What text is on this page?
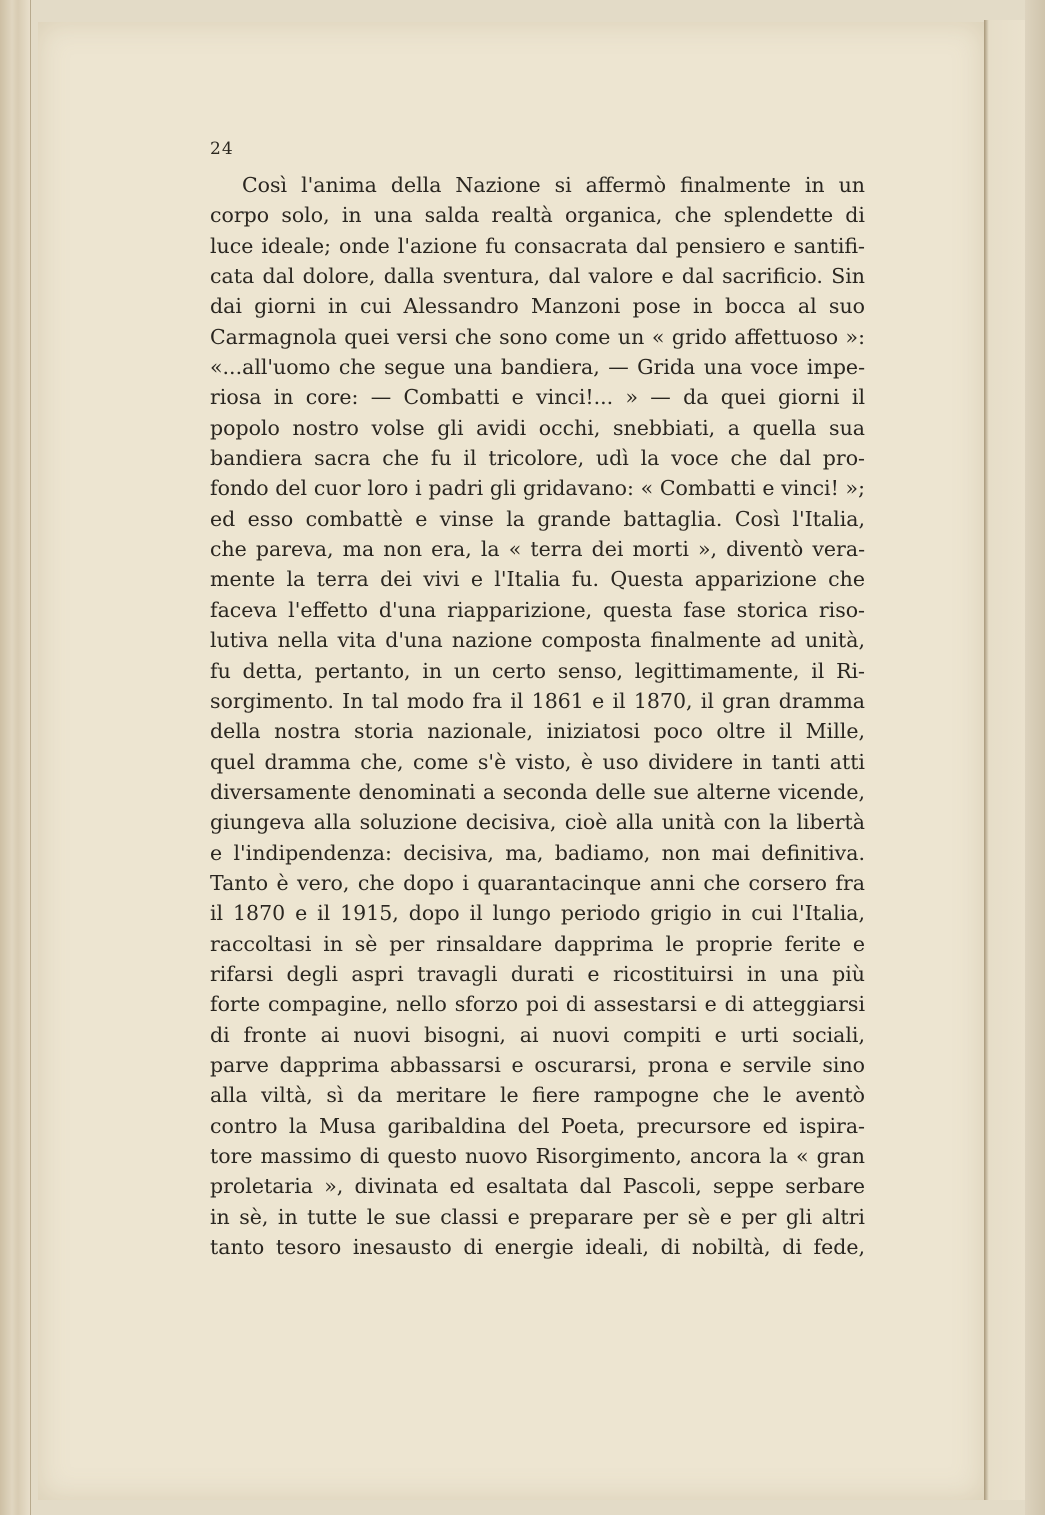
24
Così l'anima della Nazione si affermò finalmente in un
corpo solo, in una salda realtà organica, che splendette di
luce ideale; onde l'azione fu consacrata dal pensiero e santifi-
cata dal dolore, dalla sventura, dal valore e dal sacrificio. Sin
dai giorni in cui Alessandro Manzoni pose in bocca al suo
Carmagnola quei versi che sono come un « grido affettuoso »:
«...all'uomo che segue una bandiera, — Grida una voce impe-
riosa in core: — Combatti e vinci!... » — da quei giorni il
popolo nostro volse gli avidi occhi, snebbiati, a quella sua
bandiera sacra che fu il tricolore, udì la voce che dal pro-
fondo del cuor loro i padri gli gridavano: « Combatti e vinci! »;
ed esso combattè e vinse la grande battaglia. Così l'Italia,
che pareva, ma non era, la « terra dei morti », diventò vera-
mente la terra dei vivi e l'Italia fu. Questa apparizione che
faceva l'effetto d'una riapparizione, questa fase storica riso-
lutiva nella vita d'una nazione composta finalmente ad unità,
fu detta, pertanto, in un certo senso, legittimamente, il Ri-
sorgimento. In tal modo fra il 1861 e il 1870, il gran dramma
della nostra storia nazionale, iniziatosi poco oltre il Mille,
quel dramma che, come s'è visto, è uso dividere in tanti atti
diversamente denominati a seconda delle sue alterne vicende,
giungeva alla soluzione decisiva, cioè alla unità con la libertà
e l'indipendenza: decisiva, ma, badiamo, non mai definitiva.
Tanto è vero, che dopo i quarantacinque anni che corsero fra
il 1870 e il 1915, dopo il lungo periodo grigio in cui l'Italia,
raccoltasi in sè per rinsaldare dapprima le proprie ferite e
rifarsi degli aspri travagli durati e ricostituirsi in una più
forte compagine, nello sforzo poi di assestarsi e di atteggiarsi
di fronte ai nuovi bisogni, ai nuovi compiti e urti sociali,
parve dapprima abbassarsi e oscurarsi, prona e servile sino
alla viltà, sì da meritare le fiere rampogne che le aventò
contro la Musa garibaldina del Poeta, precursore ed ispira-
tore massimo di questo nuovo Risorgimento, ancora la « gran
proletaria », divinata ed esaltata dal Pascoli, seppe serbare
in sè, in tutte le sue classi e preparare per sè e per gli altri
tanto tesoro inesausto di energie ideali, di nobiltà, di fede,
